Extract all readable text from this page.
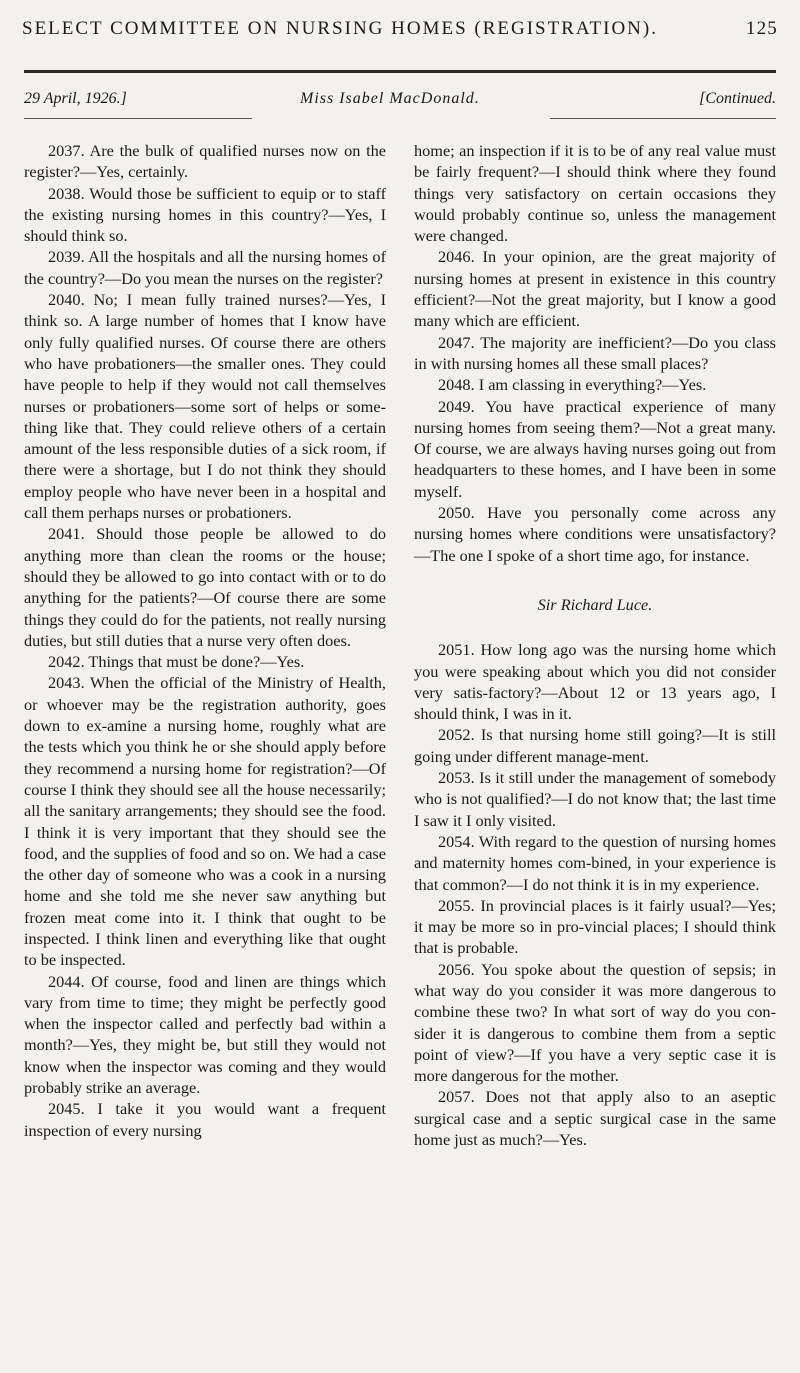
SELECT COMMITTEE ON NURSING HOMES (REGISTRATION).	125
29 April, 1926.]	Miss Isabel MacDonald.	[Continued.

2037. Are the bulk of qualified nurses now on the register?—Yes, certainly.

2038. Would those be sufficient to equip or to staff the existing nursing homes in this country?—Yes, I should think so.

2039. All the hospitals and all the nursing homes of the country?—Do you mean the nurses on the register?

2040. No; I mean fully trained nurses?—Yes, I think so. A large number of homes that I know have only fully qualified nurses. Of course there are others who have probationers—the smaller ones. They could have people to help if they would not call themselves nurses or probationers—some sort of helps or some-thing like that. They could relieve others of a certain amount of the less responsible duties of a sick room, if there were a shortage, but I do not think they should employ people who have never been in a hospital and call them perhaps nurses or probationers.

2041. Should those people be allowed to do anything more than clean the rooms or the house; should they be allowed to go into contact with or to do anything for the patients?—Of course there are some things they could do for the patients, not really nursing duties, but still duties that a nurse very often does.

2042. Things that must be done?—Yes.

2043. When the official of the Ministry of Health, or whoever may be the registration authority, goes down to ex-amine a nursing home, roughly what are the tests which you think he or she should apply before they recommend a nursing home for registration?—Of course I think they should see all the house necessarily; all the sanitary arrangements; they should see the food. I think it is very important that they should see the food, and the supplies of food and so on. We had a case the other day of someone who was a cook in a nursing home and she told me she never saw anything but frozen meat come into it. I think that ought to be inspected. I think linen and everything like that ought to be inspected.

2044. Of course, food and linen are things which vary from time to time; they might be perfectly good when the inspector called and perfectly bad within a month?—Yes, they might be, but still they would not know when the inspector was coming and they would probably strike an average.

2045. I take it you would want a frequent inspection of every nursing

home; an inspection if it is to be of any real value must be fairly frequent?—I should think where they found things very satisfactory on certain occasions they would probably continue so, unless the management were changed.

2046. In your opinion, are the great majority of nursing homes at present in existence in this country efficient?—Not the great majority, but I know a good many which are efficient.

2047. The majority are inefficient?—Do you class in with nursing homes all these small places?

2048. I am classing in everything?—Yes.

2049. You have practical experience of many nursing homes from seeing them?—Not a great many. Of course, we are always having nurses going out from headquarters to these homes, and I have been in some myself.

2050. Have you personally come across any nursing homes where conditions were unsatisfactory?—The one I spoke of a short time ago, for instance.

Sir Richard Luce.

2051. How long ago was the nursing home which you were speaking about which you did not consider very satis-factory?—About 12 or 13 years ago, I should think, I was in it.

2052. Is that nursing home still going?—It is still going under different manage-ment.

2053. Is it still under the management of somebody who is not qualified?—I do not know that; the last time I saw it I only visited.

2054. With regard to the question of nursing homes and maternity homes com-bined, in your experience is that common?—I do not think it is in my experience.

2055. In provincial places is it fairly usual?—Yes; it may be more so in pro-vincial places; I should think that is probable.

2056. You spoke about the question of sepsis; in what way do you consider it was more dangerous to combine these two? In what sort of way do you con-sider it is dangerous to combine them from a septic point of view?—If you have a very septic case it is more dangerous for the mother.

2057. Does not that apply also to an aseptic surgical case and a septic surgical case in the same home just as much?—Yes.
